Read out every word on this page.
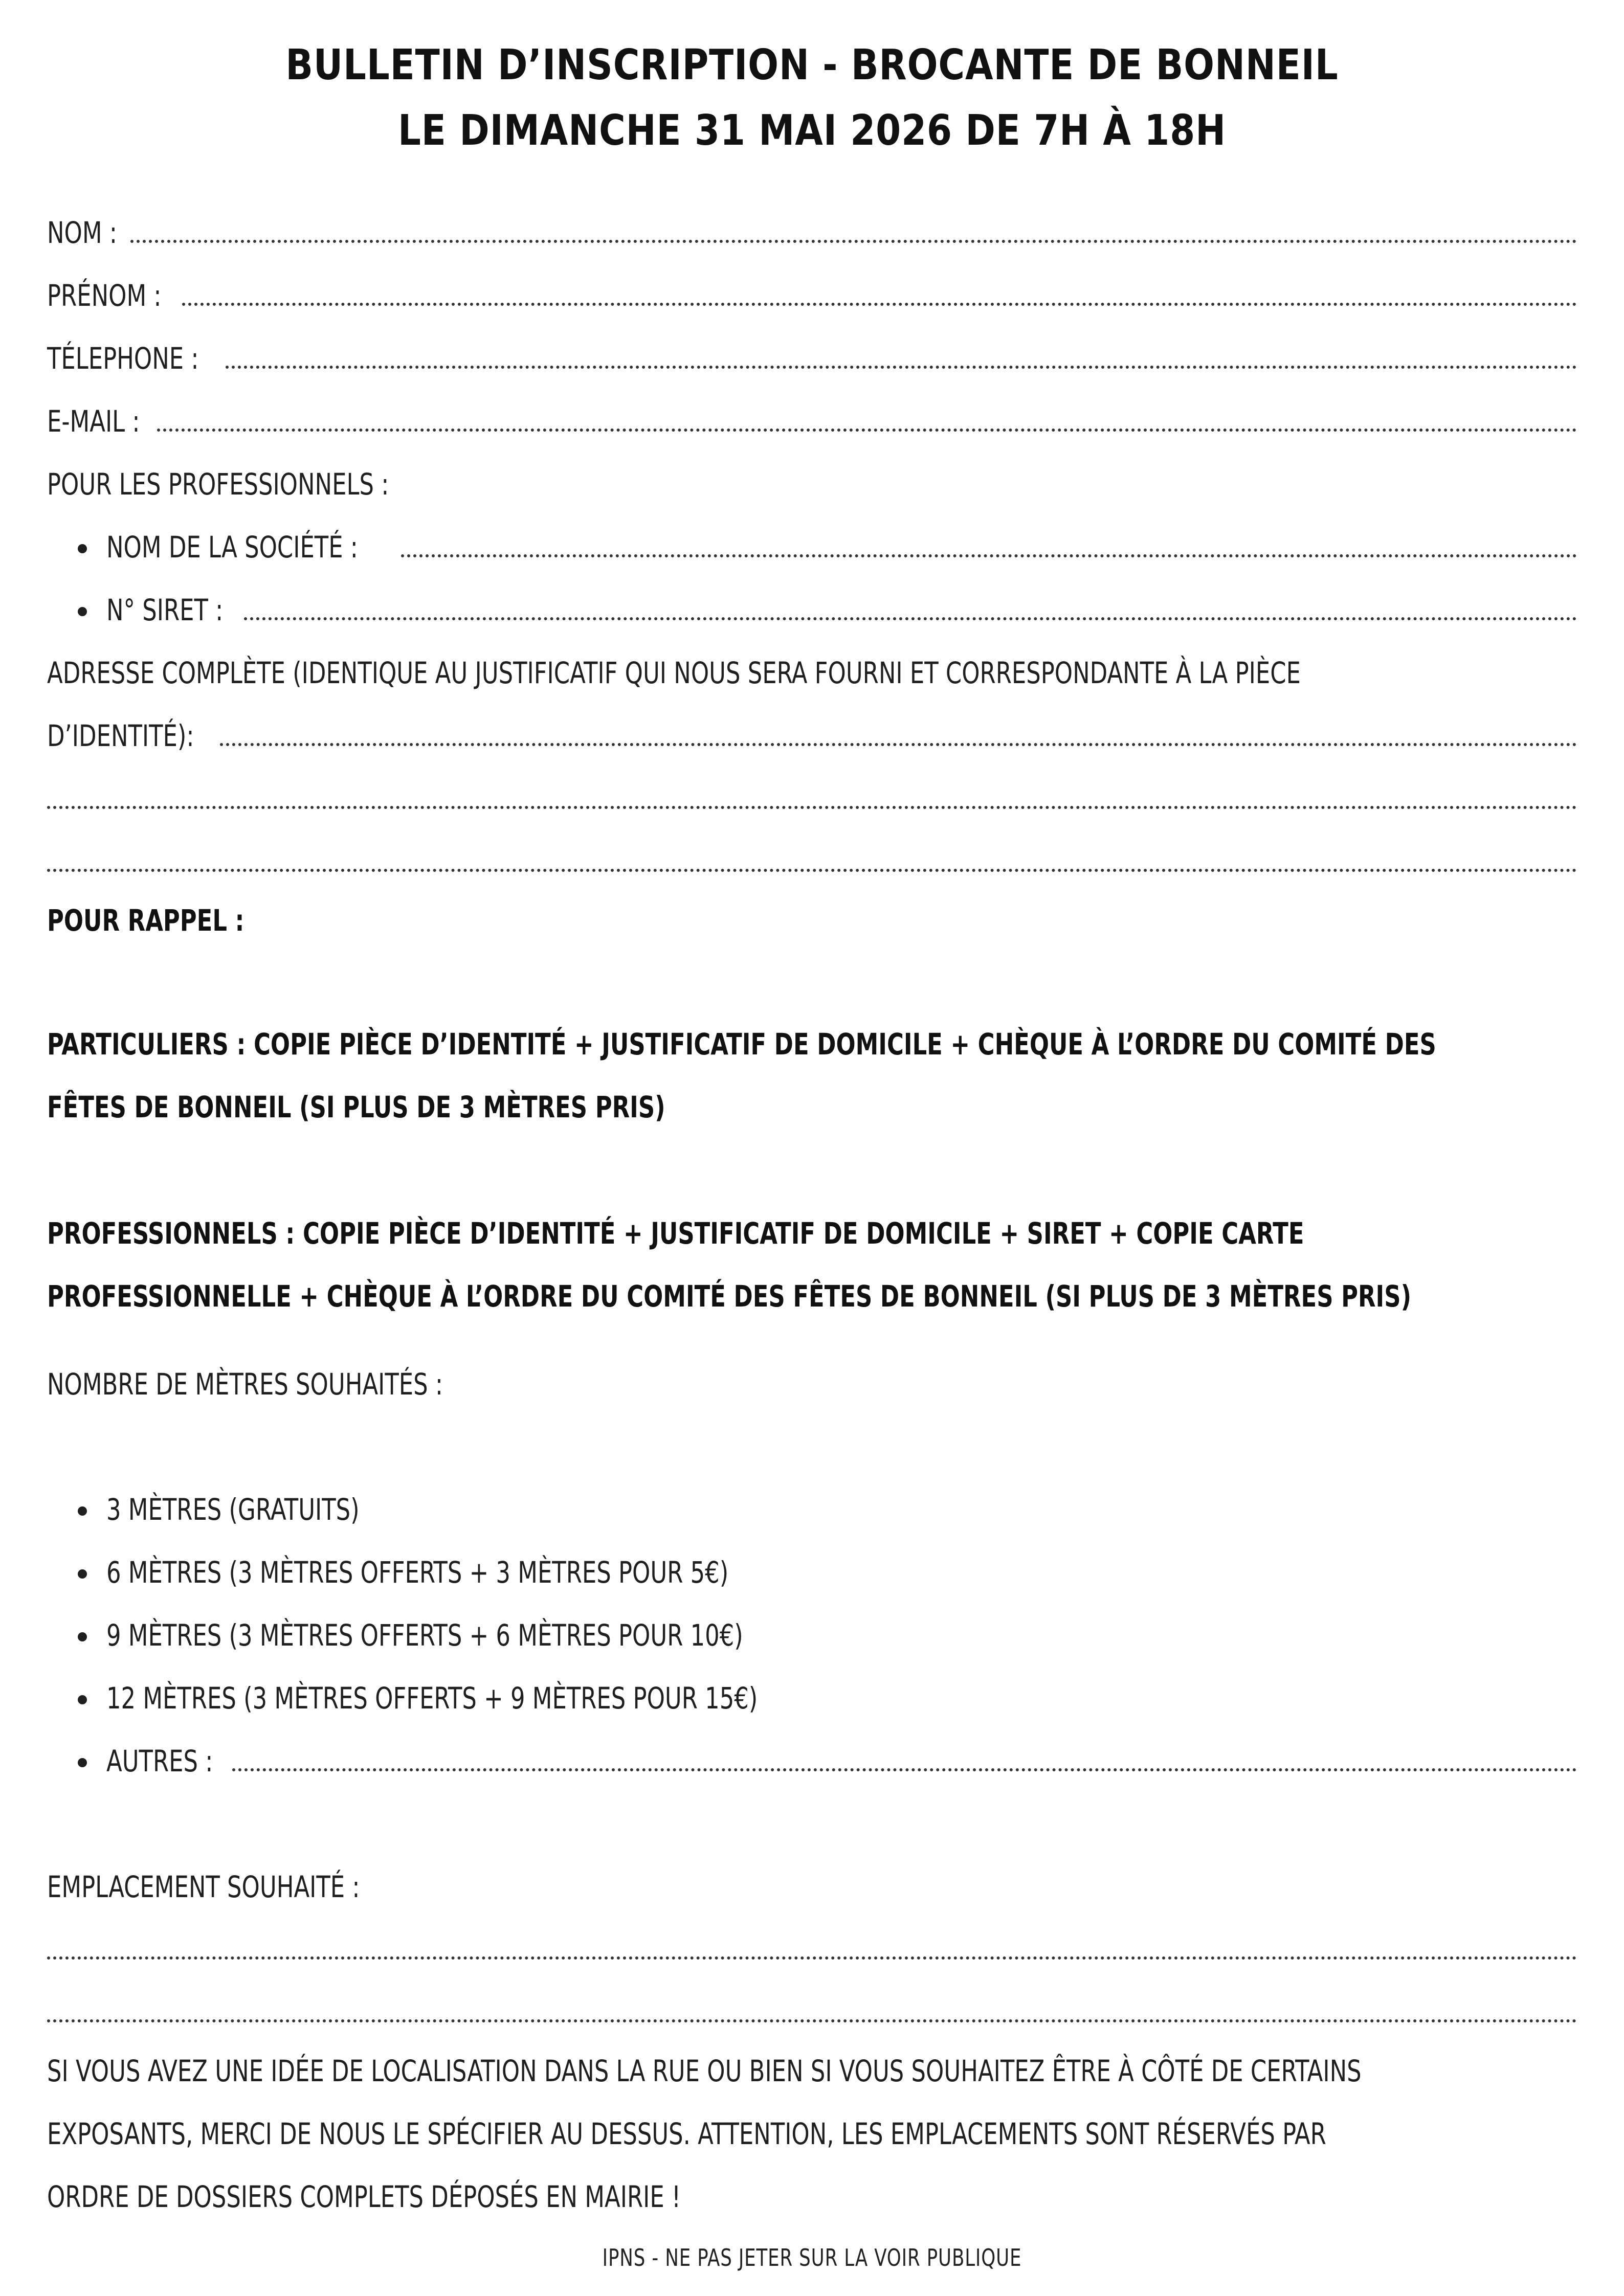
BULLETIN D’INSCRIPTION - BROCANTE DE BONNEIL
LE DIMANCHE 31 MAI 2026 DE 7H À 18H
NOM :
PRÉNOM :
TÉLEPHONE :
E-MAIL :
POUR LES PROFESSIONNELS :
NOM DE LA SOCIÉTÉ :
N° SIRET :
ADRESSE COMPLÈTE (IDENTIQUE AU JUSTIFICATIF QUI NOUS SERA FOURNI ET CORRESPONDANTE À LA PIÈCE
D’IDENTITÉ):
POUR RAPPEL :
PARTICULIERS : COPIE PIÈCE D’IDENTITÉ + JUSTIFICATIF DE DOMICILE + CHÈQUE À L’ORDRE DU COMITÉ DES
FÊTES DE BONNEIL (SI PLUS DE 3 MÈTRES PRIS)
PROFESSIONNELS : COPIE PIÈCE D’IDENTITÉ + JUSTIFICATIF DE DOMICILE + SIRET + COPIE CARTE
PROFESSIONNELLE + CHÈQUE À L’ORDRE DU COMITÉ DES FÊTES DE BONNEIL (SI PLUS DE 3 MÈTRES PRIS)
NOMBRE DE MÈTRES SOUHAITÉS :
3 MÈTRES (GRATUITS)
6 MÈTRES (3 MÈTRES OFFERTS + 3 MÈTRES POUR 5€)
9 MÈTRES (3 MÈTRES OFFERTS + 6 MÈTRES POUR 10€)
12 MÈTRES (3 MÈTRES OFFERTS + 9 MÈTRES POUR 15€)
AUTRES :
EMPLACEMENT SOUHAITÉ :
SI VOUS AVEZ UNE IDÉE DE LOCALISATION DANS LA RUE OU BIEN SI VOUS SOUHAITEZ ÊTRE À CÔTÉ DE CERTAINS
EXPOSANTS, MERCI DE NOUS LE SPÉCIFIER AU DESSUS. ATTENTION, LES EMPLACEMENTS SONT RÉSERVÉS PAR
ORDRE DE DOSSIERS COMPLETS DÉPOSÉS EN MAIRIE !
IPNS - NE PAS JETER SUR LA VOIR PUBLIQUE
